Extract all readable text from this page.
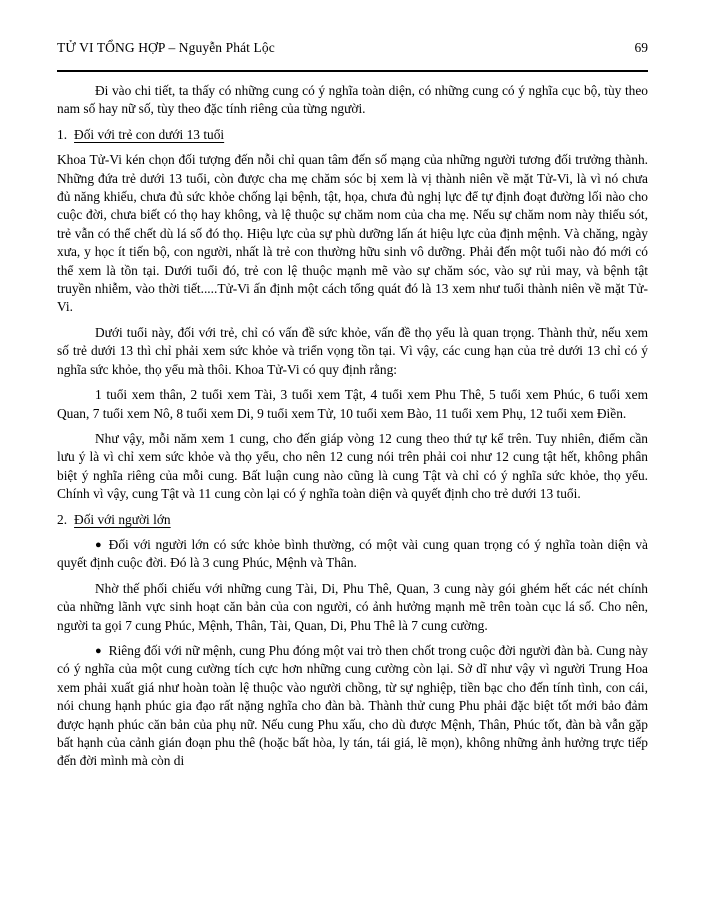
TỬ VI TỔNG HỢP – Nguyễn Phát Lộc	69

Đi vào chi tiết, ta thấy có những cung có ý nghĩa toàn diện, có những cung có ý nghĩa cục bộ, tùy theo nam số hay nữ số, tùy theo đặc tính riêng của từng người.

1. Đối với trẻ con dưới 13 tuổi

Khoa Tử-Vi kén chọn đối tượng đến nỗi chỉ quan tâm đến số mạng của những người tương đối trưởng thành. Những đứa trẻ dưới 13 tuổi, còn được cha mẹ chăm sóc bị xem là vị thành niên về mặt Tử-Vi, là vì nó chưa đủ năng khiếu, chưa đủ sức khỏe chống lại bệnh, tật, họa, chưa đủ nghị lực để tự định đoạt đường lối nào cho cuộc đời, chưa biết có thọ hay không, và lệ thuộc sự chăm nom của cha mẹ. Nếu sự chăm nom này thiếu sót, trẻ vẫn có thể chết dù lá số đó thọ. Hiệu lực của sự phù dưỡng lấn át hiệu lực của định mệnh. Và chăng, ngày xưa, y học ít tiến bộ, con người, nhất là trẻ con thường hữu sinh vô dưỡng. Phải đến một tuổi nào đó mới có thể xem là tồn tại. Dưới tuổi đó, trẻ con lệ thuộc mạnh mẽ vào sự chăm sóc, vào sự rủi may, và bệnh tật truyền nhiễm, vào thời tiết.....Tử-Vi ấn định một cách tổng quát đó là 13 xem như tuổi thành niên về mặt Tử-Vi.

Dưới tuổi này, đối với trẻ, chỉ có vấn đề sức khỏe, vấn đề thọ yểu là quan trọng. Thành thử, nếu xem số trẻ dưới 13 thì chỉ phải xem sức khỏe và triển vọng tồn tại. Vì vậy, các cung hạn của trẻ dưới 13 chỉ có ý nghĩa sức khỏe, thọ yểu mà thôi. Khoa Tử-Vi có quy định rằng:

1 tuổi xem thân, 2 tuổi xem Tài, 3 tuổi xem Tật, 4 tuổi xem Phu Thê, 5 tuổi xem Phúc, 6 tuổi xem Quan, 7 tuổi xem Nô, 8 tuổi xem Di, 9 tuổi xem Tử, 10 tuổi xem Bào, 11 tuổi xem Phụ, 12 tuổi xem Điền.

Như vậy, mỗi năm xem 1 cung, cho đến giáp vòng 12 cung theo thứ tự kể trên. Tuy nhiên, điểm cần lưu ý là vì chỉ xem sức khỏe và thọ yểu, cho nên 12 cung nói trên phải coi như 12 cung tật hết, không phân biệt ý nghĩa riêng của mỗi cung. Bất luận cung nào cũng là cung Tật và chỉ có ý nghĩa sức khỏe, thọ yểu. Chính vì vậy, cung Tật và 11 cung còn lại có ý nghĩa toàn diện và quyết định cho trẻ dưới 13 tuổi.

2. Đối với người lớn

● Đối với người lớn có sức khỏe bình thường, có một vài cung quan trọng có ý nghĩa toàn diện và quyết định cuộc đời. Đó là 3 cung Phúc, Mệnh và Thân.

Nhờ thế phối chiếu với những cung Tài, Di, Phu Thê, Quan, 3 cung này gói ghém hết các nét chính của những lãnh vực sinh hoạt căn bản của con người, có ảnh hưởng mạnh mẽ trên toàn cục lá số. Cho nên, người ta gọi 7 cung Phúc, Mệnh, Thân, Tài, Quan, Di, Phu Thê là 7 cung cường.

● Riêng đối với nữ mệnh, cung Phu đóng một vai trò then chốt trong cuộc đời người đàn bà. Cung này có ý nghĩa của một cung cường tích cực hơn những cung cường còn lại. Sở dĩ như vậy vì người Trung Hoa xem phải xuất giá như hoàn toàn lệ thuộc vào người chồng, từ sự nghiệp, tiền bạc cho đến tính tình, con cái, nói chung hạnh phúc gia đạo rất nặng nghĩa cho đàn bà. Thành thử cung Phu phải đặc biệt tốt mới bảo đảm được hạnh phúc căn bản của phụ nữ. Nếu cung Phu xấu, cho dù được Mệnh, Thân, Phúc tốt, đàn bà vẫn gặp bất hạnh của cảnh gián đoạn phu thê (hoặc bất hòa, ly tán, tái giá, lẽ mọn), không những ảnh hưởng trực tiếp đến đời mình mà còn di
